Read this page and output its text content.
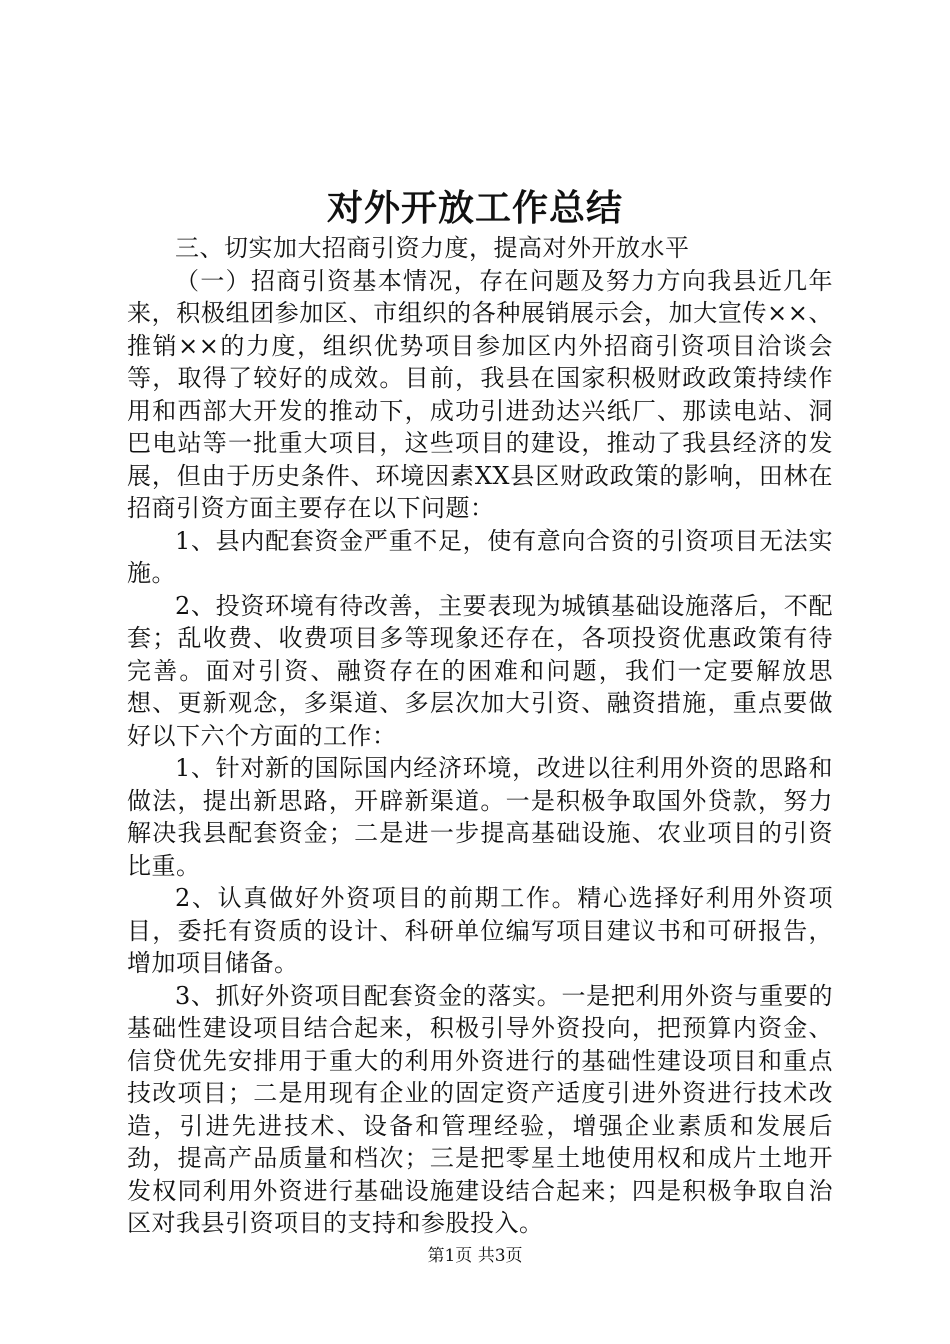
对外开放工作总结

三、切实加大招商引资力度，提高对外开放水平

（一）招商引资基本情况，存在问题及努力方向我县近几年来，积极组团参加区、市组织的各种展销展示会，加大宣传××、推销××的力度，组织优势项目参加区内外招商引资项目洽谈会等，取得了较好的成效。目前，我县在国家积极财政政策持续作用和西部大开发的推动下，成功引进劲达兴纸厂、那读电站、洞巴电站等一批重大项目，这些项目的建设，推动了我县经济的发展，但由于历史条件、环境因素XX县区财政政策的影响，田林在招商引资方面主要存在以下问题：

1、县内配套资金严重不足，使有意向合资的引资项目无法实施。

2、投资环境有待改善，主要表现为城镇基础设施落后，不配套；乱收费、收费项目多等现象还存在，各项投资优惠政策有待完善。面对引资、融资存在的困难和问题，我们一定要解放思想、更新观念，多渠道、多层次加大引资、融资措施，重点要做好以下六个方面的工作：

1、针对新的国际国内经济环境，改进以往利用外资的思路和做法，提出新思路，开辟新渠道。一是积极争取国外贷款，努力解决我县配套资金；二是进一步提高基础设施、农业项目的引资比重。

2、认真做好外资项目的前期工作。精心选择好利用外资项目，委托有资质的设计、科研单位编写项目建议书和可研报告，增加项目储备。

3、抓好外资项目配套资金的落实。一是把利用外资与重要的基础性建设项目结合起来，积极引导外资投向，把预算内资金、信贷优先安排用于重大的利用外资进行的基础性建设项目和重点技改项目；二是用现有企业的固定资产适度引进外资进行技术改造，引进先进技术、设备和管理经验，增强企业素质和发展后劲，提高产品质量和档次；三是把零星土地使用权和成片土地开发权同利用外资进行基础设施建设结合起来；四是积极争取自治区对我县引资项目的支持和参股投入。

第1页 共3页
